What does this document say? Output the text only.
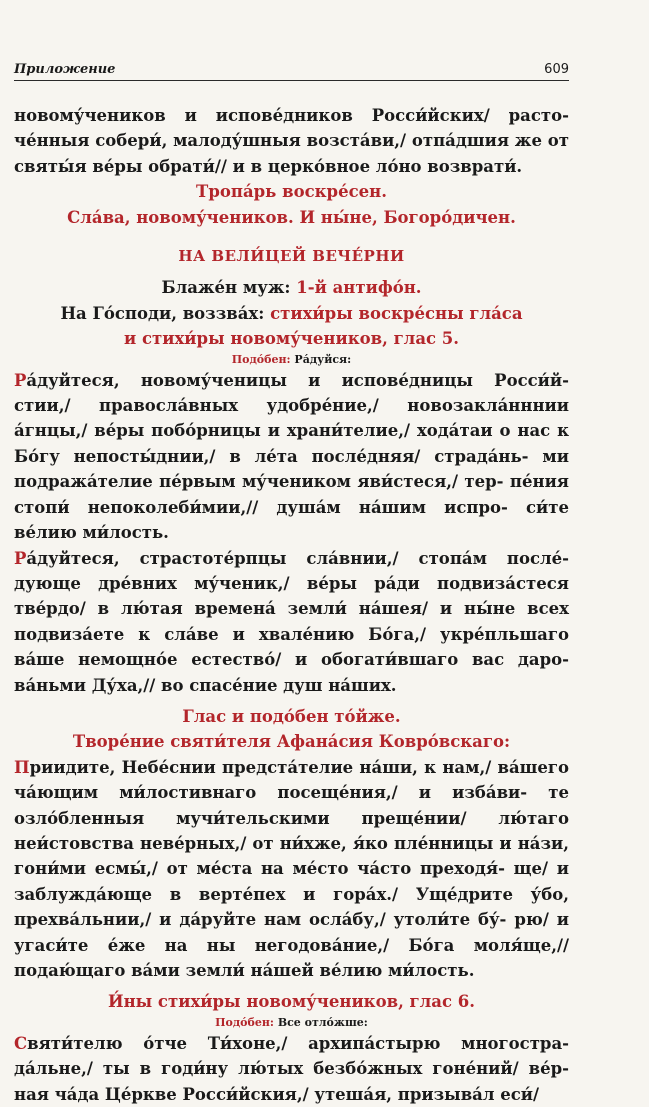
Приложение	609

новому́чеников и испове́дников Росси́йских/ расто- че́нныя собери́, малоду́шныя возста́ви,/ отпа́дшия же от святы́я ве́ры обрати́// и в церко́вное ло́но возврати́.

Тропа́рь воскре́сен.
Сла́ва, новому́чеников. И ны́не, Богоро́дичен.
НА ВЕЛИ́ЦЕЙ ВЕЧЕ́РНИ
Блаже́н муж: 1-й антифо́н.
На Го́споди, воззва́х: стихи́ры воскре́сны гла́са
и стихи́ры новому́чеников, глас 5.
Подо́бен: Ра́дуйся:

Ра́дуйтеся, новому́ченицы и испове́дницы Росси́й- стии,/ правосла́вных удобре́ние,/ новозакла́нннии а́гнцы,/ ве́ры побо́рницы и храни́телие,/ хода́таи о нас к Бо́гу непосты́днии,/ в ле́та после́дняя/ страда́нь- ми подража́телие пе́рвым му́чеником яви́стеся,/ тер- пе́ния стопи́ непоколеби́мии,// душа́м на́шим испро- си́те ве́лию ми́лость.

Ра́дуйтеся, страстоте́рпцы сла́внии,/ стопа́м после́- дующе дре́вних му́ченик,/ ве́ры ра́ди подвиза́стеся тве́рдо/ в лю́тая времена́ земли́ на́шея/ и ны́не всех подвиза́ете к сла́ве и хвале́нию Бо́га,/ укре́пльшаго ва́ше немощно́е естество́/ и обогати́вшаго вас даро- ва́ньми Ду́ха,// во спасе́ние душ на́ших.

Глас и подо́бен то́йже.
Творе́ние святи́теля Афана́сия Ковро́вскаго:

Приидите, Небе́снии предста́телие на́ши, к нам,/ ва́шего ча́ющим ми́лостивнаго посеще́ния,/ и изба́ви- те озло́бленныя мучи́тельскими преще́нии/ лю́таго неи́стовства неве́рных,/ от ни́хже, я́ко пле́нницы и на́зи, гони́ми есмы́,/ от ме́ста на ме́сто ча́сто преходя́- ще/ и заблужда́юще в верте́пех и гора́х./ Уще́дрите у́бо, прехва́льнии,/ и да́руйте нам осла́бу,/ утоли́те бу́- рю/ и угаси́те е́же на ны негодова́ние,/ Бо́га моля́ще,// подаю́щаго ва́ми земли́ на́шей ве́лию ми́лость.

И́ны стихи́ры новому́чеников, глас 6.
Подо́бен: Все отло́жше:

Святи́телю о́тче Ти́хоне,/ архипа́стырю многостра- да́льне,/ ты в годи́ну лю́тых безбо́жных гоне́ний/ ве́р- ная ча́да Це́ркве Росси́йския,/ утеша́я, призыва́л еси́/
